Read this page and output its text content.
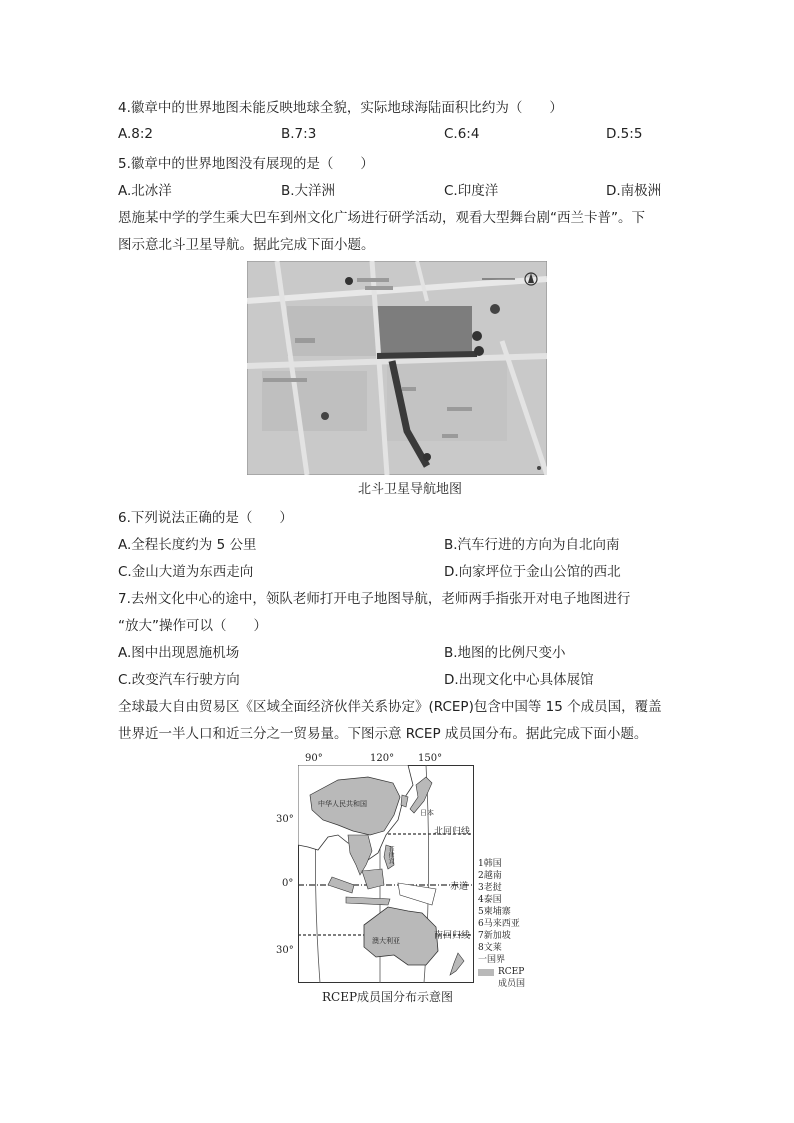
4.徽章中的世界地图未能反映地球全貌，实际地球海陆面积比约为（　　）
A.8:2	B.7:3	C.6:4	D.5:5
5.徽章中的世界地图没有展现的是（　　）
A.北冰洋	B.大洋洲	C.印度洋	D.南极洲
恩施某中学的学生乘大巴车到州文化广场进行研学活动，观看大型舞台剧“西兰卡普”。下
图示意北斗卫星导航。据此完成下面小题。
北斗卫星导航地图
6.下列说法正确的是（　　）
A.全程长度约为 5 公里	B.汽车行进的方向为自北向南
C.金山大道为东西走向	D.向家坪位于金山公馆的西北
7.去州文化中心的途中，领队老师打开电子地图导航，老师两手指张开对电子地图进行
“放大”操作可以（　　）
A.图中出现恩施机场	B.地图的比例尺变小
C.改变汽车行驶方向	D.出现文化中心具体展馆
全球最大自由贸易区《区域全面经济伙伴关系协定》(RCEP)包含中国等 15 个成员国，覆盖
世界近一半人口和近三分之一贸易量。下图示意 RCEP 成员国分布。据此完成下面小题。
90°	120° 150°
30°
0°
30°
中华人民共和国
日本
菲律宾
澳大利亚
北回归线
赤道
南回归线
1韩国
2越南
3老挝
4泰国
5柬埔寨
6马来西亚
7新加坡
8文莱
一国界
RCEP
成员国
RCEP成员国分布示意图
